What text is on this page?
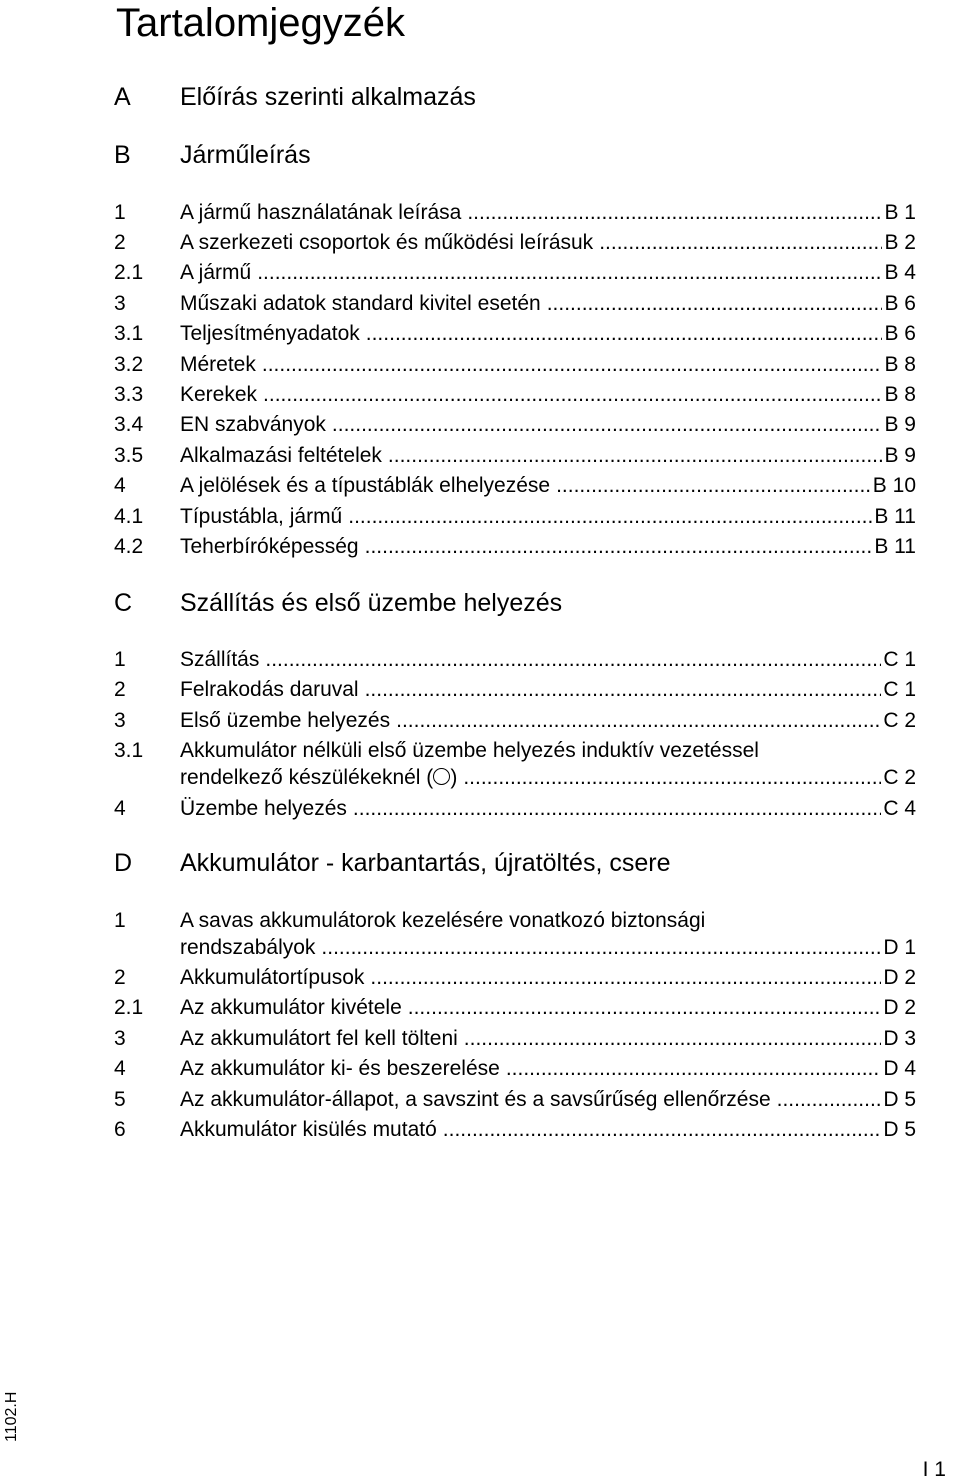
Tartalomjegyzék
A Előírás szerinti alkalmazás
B Járműleírás
1	A jármű használatának leírása .....	B 1
2	A szerkezeti csoportok és működési leírásuk .....	B 2
2.1 A jármű .....	B 4
3	Műszaki adatok standard kivitel esetén .....	B 6
3.1 Teljesítményadatok .....	B 6
3.2 Méretek .....	B 8
3.3 Kerekek .....	B 8
3.4 EN szabványok .....	B 9
3.5 Alkalmazási feltételek .....	B 9
4	A jelölések és a típustáblák elhelyezése .....	B 10
4.1 Típustábla, jármű .....	B 11
4.2 Teherbíróképesség .....	B 11
C Szállítás és első üzembe helyezés
1	Szállítás .....	C 1
2	Felrakodás daruval .....	C 1
3	Első üzembe helyezés .....	C 2
3.1 Akkumulátor nélküli első üzembe helyezés induktív vezetéssel
rendelkező készülékeknél ( ) .....	C 2
4	Üzembe helyezés .....	C 4
D Akkumulátor - karbantartás, újratöltés, csere
1	A savas akkumulátorok kezelésére vonatkozó biztonsági
rendszabályok .....	D 1
2	Akkumulátortípusok .....	D 2
2.1 Az akkumulátor kivétele .....	D 2
3	Az akkumulátort fel kell tölteni .....	D 3
4	Az akkumulátor ki- és beszerelése .....	D 4
5	Az akkumulátor-állapot, a savszint és a savsűrűség ellenőrzése .....	D 5
6	Akkumulátor kisülés mutató .....	D 5
1102.H
I 1
